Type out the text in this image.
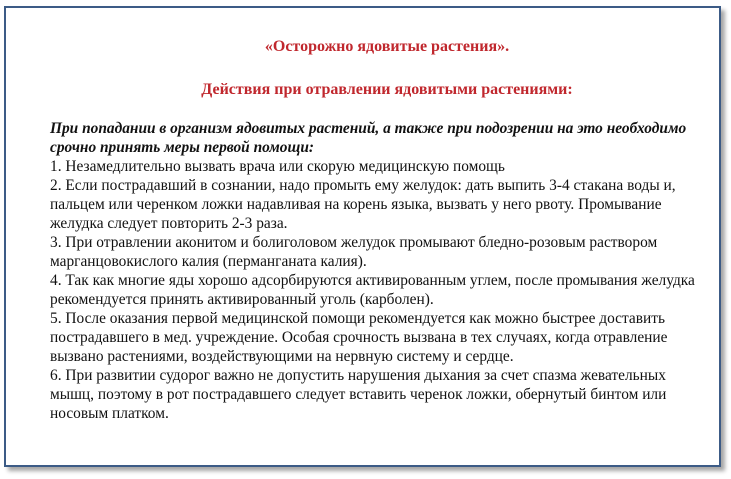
«Осторожно ядовитые растения».
Действия при отравлении ядовитыми растениями:

При попадании в организм ядовитых растений, а также при подозрении на это необходимо срочно принять меры первой помощи:

1. Незамедлительно вызвать врача или скорую медицинскую помощь

2. Если пострадавший в сознании, надо промыть ему желудок: дать выпить 3-4 стакана воды и, пальцем или черенком ложки надавливая на корень языка, вызвать у него рвоту. Промывание желудка следует повторить 2-3 раза.

3. При отравлении аконитом и болиголовом желудок промывают бледно-розовым раствором марганцовокислого калия (перманганата калия).

4. Так как многие яды хорошо адсорбируются активированным углем, после промывания желудка рекомендуется принять активированный уголь (карболен).

5. После оказания первой медицинской помощи рекомендуется как можно быстрее доставить пострадавшего в мед. учреждение. Особая срочность вызвана в тех случаях, когда отравление вызвано растениями, воздействующими на нервную систему и сердце.

6. При развитии судорог важно не допустить нарушения дыхания за счет спазма жевательных мышц, поэтому в рот пострадавшего следует вставить черенок ложки, обернутый бинтом или носовым платком.
